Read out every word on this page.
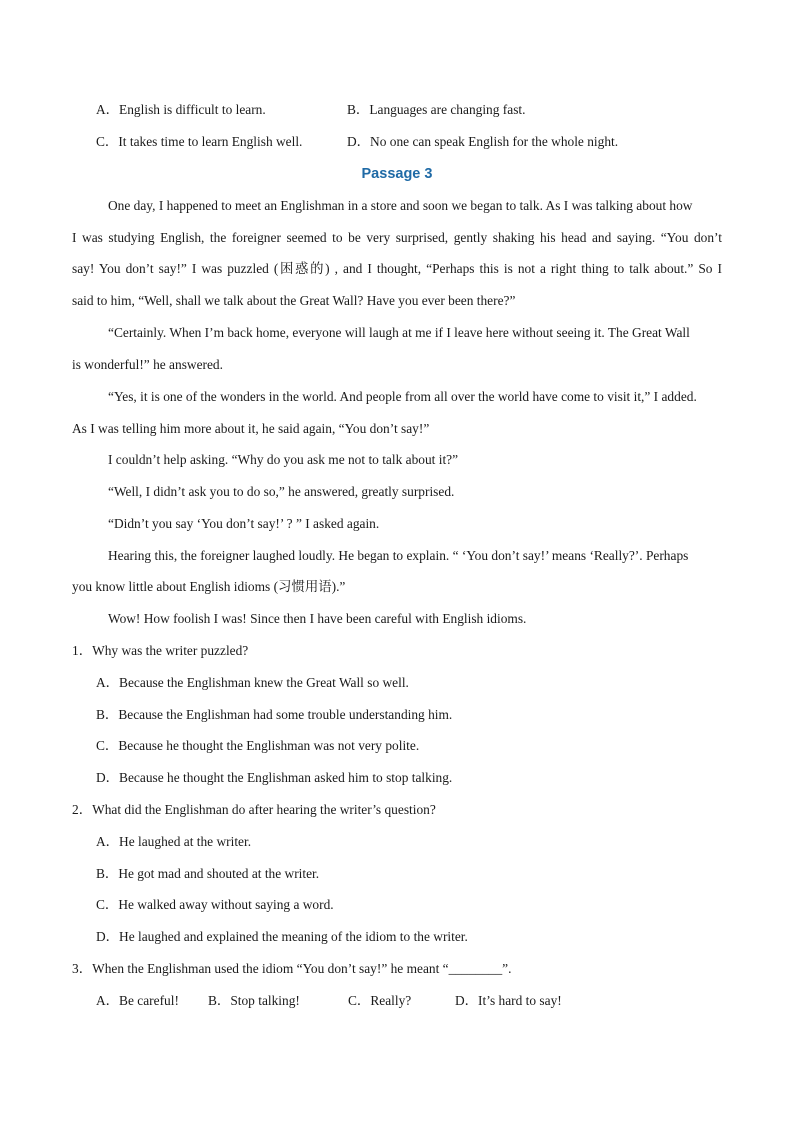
A．English is difficult to learn.	B．Languages are changing fast.
C．It takes time to learn English well.	D．No one can speak English for the whole night.
Passage 3
One day, I happened to meet an Englishman in a store and soon we began to talk. As I was talking about how
I was studying English, the foreigner seemed to be very surprised, gently shaking his head and saying. “You don’t
say! You don’t say!” I was puzzled (困惑的) , and I thought, “Perhaps this is not a right thing to talk about.” So I
said to him, “Well, shall we talk about the Great Wall? Have you ever been there?”
“Certainly. When I’m back home, everyone will laugh at me if I leave here without seeing it. The Great Wall
is wonderful!” he answered.
“Yes, it is one of the wonders in the world. And people from all over the world have come to visit it,” I added.
As I was telling him more about it, he said again, “You don’t say!”
I couldn’t help asking. “Why do you ask me not to talk about it?”
“Well, I didn’t ask you to do so,” he answered, greatly surprised.
“Didn’t you say ‘You don’t say!’ ? ” I asked again.
Hearing this, the foreigner laughed loudly. He began to explain. “ ‘You don’t say!’ means ‘Really?’. Perhaps
you know little about English idioms (习惯用语).”
Wow! How foolish I was! Since then I have been careful with English idioms.
1．Why was the writer puzzled?
A．Because the Englishman knew the Great Wall so well.
B．Because the Englishman had some trouble understanding him.
C．Because he thought the Englishman was not very polite.
D．Because he thought the Englishman asked him to stop talking.
2．What did the Englishman do after hearing the writer’s question?
A．He laughed at the writer.
B．He got mad and shouted at the writer.
C．He walked away without saying a word.
D．He laughed and explained the meaning of the idiom to the writer.
3．When the Englishman used the idiom “You don’t say!” he meant “________”.
A．Be careful! B．Stop talking!	C．Really?	D．It’s hard to say!
